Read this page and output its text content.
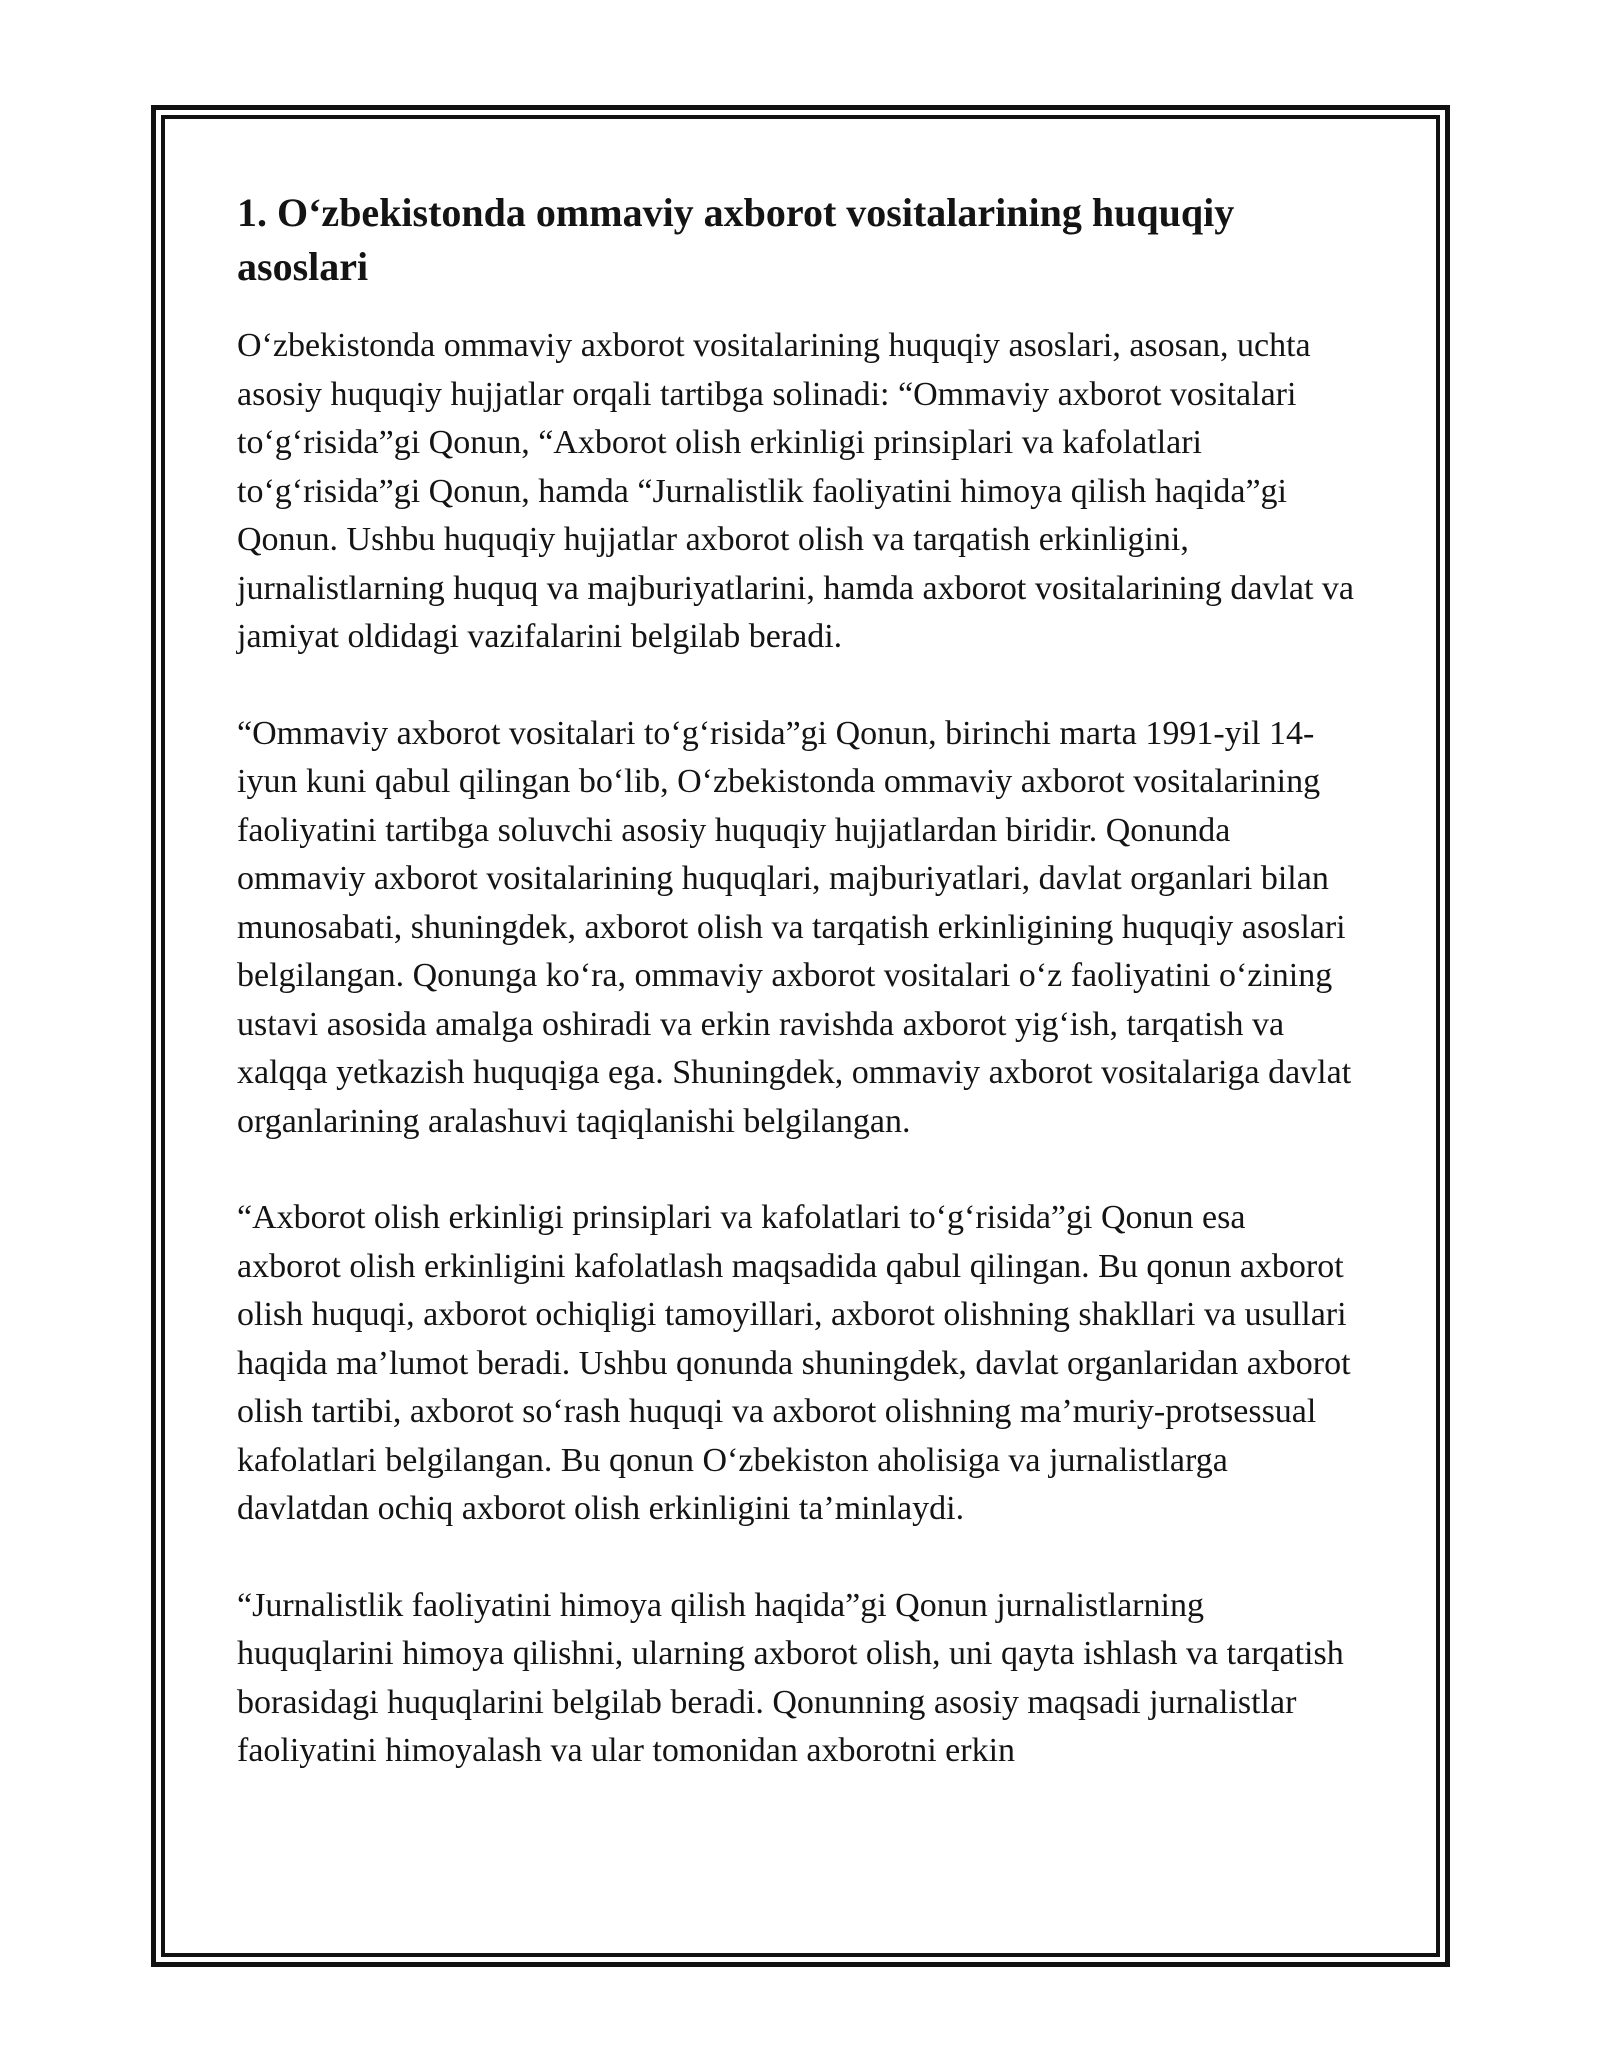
1. O‘zbekistonda ommaviy axborot vositalarining huquqiy asoslari

O‘zbekistonda ommaviy axborot vositalarining huquqiy asoslari, asosan, uchta asosiy huquqiy hujjatlar orqali tartibga solinadi: “Ommaviy axborot vositalari to‘g‘risida”gi Qonun, “Axborot olish erkinligi prinsiplari va kafolatlari to‘g‘risida”gi Qonun, hamda “Jurnalistlik faoliyatini himoya qilish haqida”gi Qonun. Ushbu huquqiy hujjatlar axborot olish va tarqatish erkinligini, jurnalistlarning huquq va majburiyatlarini, hamda axborot vositalarining davlat va jamiyat oldidagi vazifalarini belgilab beradi.

“Ommaviy axborot vositalari to‘g‘risida”gi Qonun, birinchi marta 1991-yil 14-iyun kuni qabul qilingan bo‘lib, O‘zbekistonda ommaviy axborot vositalarining faoliyatini tartibga soluvchi asosiy huquqiy hujjatlardan biridir. Qonunda ommaviy axborot vositalarining huquqlari, majburiyatlari, davlat organlari bilan munosabati, shuningdek, axborot olish va tarqatish erkinligining huquqiy asoslari belgilangan. Qonunga ko‘ra, ommaviy axborot vositalari o‘z faoliyatini o‘zining ustavi asosida amalga oshiradi va erkin ravishda axborot yig‘ish, tarqatish va xalqqa yetkazish huquqiga ega. Shuningdek, ommaviy axborot vositalariga davlat organlarining aralashuvi taqiqlanishi belgilangan.

“Axborot olish erkinligi prinsiplari va kafolatlari to‘g‘risida”gi Qonun esa axborot olish erkinligini kafolatlash maqsadida qabul qilingan. Bu qonun axborot olish huquqi, axborot ochiqligi tamoyillari, axborot olishning shakllari va usullari haqida ma’lumot beradi. Ushbu qonunda shuningdek, davlat organlaridan axborot olish tartibi, axborot so‘rash huquqi va axborot olishning ma’muriy-protsessual kafolatlari belgilangan. Bu qonun O‘zbekiston aholisiga va jurnalistlarga davlatdan ochiq axborot olish erkinligini ta’minlaydi.

“Jurnalistlik faoliyatini himoya qilish haqida”gi Qonun jurnalistlarning huquqlarini himoya qilishni, ularning axborot olish, uni qayta ishlash va tarqatish borasidagi huquqlarini belgilab beradi. Qonunning asosiy maqsadi jurnalistlar faoliyatini himoyalash va ular tomonidan axborotni erkin
